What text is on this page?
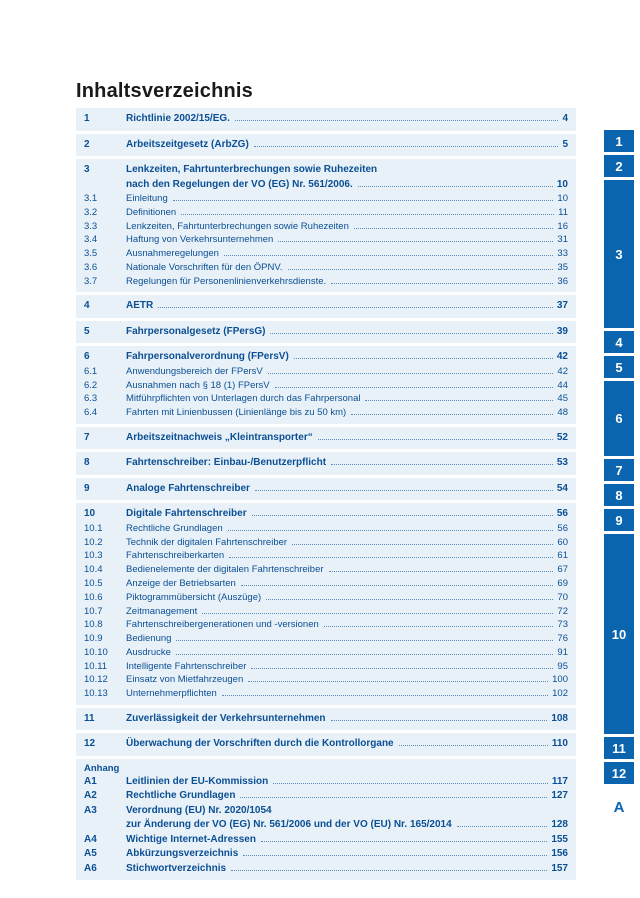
Inhaltsverzeichnis
1	Richtlinie 2002/15/EG.	4
2	Arbeitszeitgesetz (ArbZG)	5
3	Lenkzeiten, Fahrtunterbrechungen sowie Ruhezeiten
nach den Regelungen der VO (EG) Nr. 561/2006.	10
3.1	Einleitung	10
3.2	Definitionen	11
3.3	Lenkzeiten, Fahrtunterbrechungen sowie Ruhezeiten	16
3.4	Haftung von Verkehrsunternehmen	31
3.5	Ausnahmeregelungen	33
3.6	Nationale Vorschriften für den ÖPNV.	35
3.7	Regelungen für Personenlinienverkehrsdienste.	36
4	AETR	37
5	Fahrpersonalgesetz (FPersG)	39
6	Fahrpersonalverordnung (FPersV)	42
6.1	Anwendungsbereich der FPersV	42
6.2	Ausnahmen nach § 18 (1) FPersV	44
6.3	Mitführpflichten von Unterlagen durch das Fahrpersonal	45
6.4	Fahrten mit Linienbussen (Linienlänge bis zu 50 km)	48
7	Arbeitszeitnachweis „Kleintransporter“	52
8	Fahrtenschreiber: Einbau-/Benutzerpflicht	53
9	Analoge Fahrtenschreiber	54
10	Digitale Fahrtenschreiber	56
10.1	Rechtliche Grundlagen	56
10.2	Technik der digitalen Fahrtenschreiber	60
10.3	Fahrtenschreiberkarten	61
10.4	Bedienelemente der digitalen Fahrtenschreiber	67
10.5	Anzeige der Betriebsarten	69
10.6	Piktogrammübersicht (Auszüge)	70
10.7	Zeitmanagement	72
10.8	Fahrtenschreibergenerationen und -versionen	73
10.9	Bedienung	76
10.10	Ausdrucke	91
10.11	Intelligente Fahrtenschreiber	95
10.12	Einsatz von Mietfahrzeugen	100
10.13	Unternehmerpflichten	102
11	Zuverlässigkeit der Verkehrsunternehmen	108
12	Überwachung der Vorschriften durch die Kontrollorgane	110
Anhang
A1	Leitlinien der EU-Kommission	117
A2	Rechtliche Grundlagen	127
A3	Verordnung (EU) Nr. 2020/1054
zur Änderung der VO (EG) Nr. 561/2006 und der VO (EU) Nr. 165/2014	128
A4	Wichtige Internet-Adressen	155
A5	Abkürzungsverzeichnis	156
A6	Stichwortverzeichnis	157
1
2
3
4
5
6
7
8
9
10
11
12
A
